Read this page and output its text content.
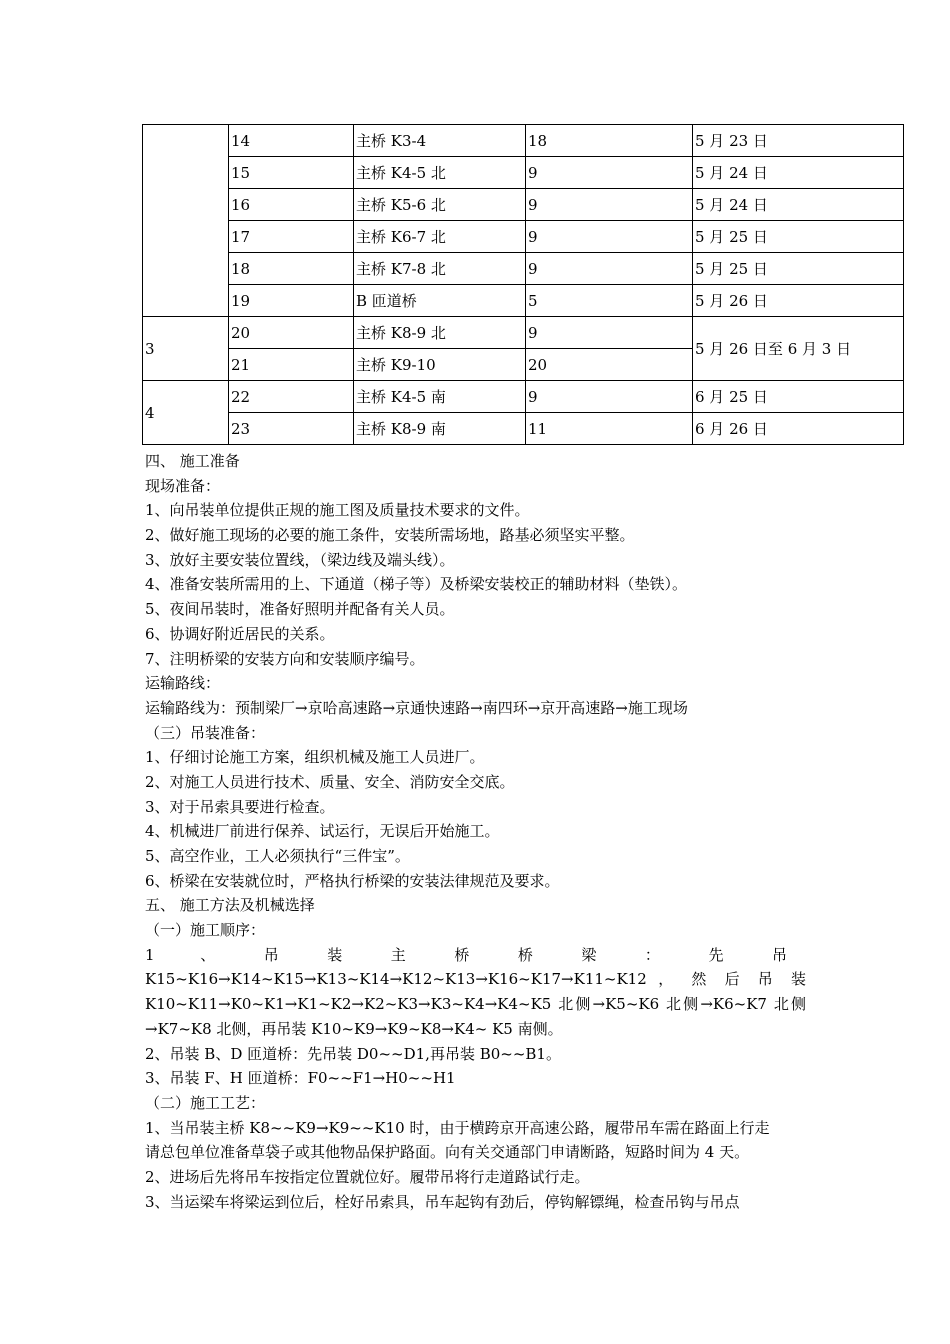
	14	主桥 K3-4	18	5 月 23 日
	15	主桥 K4-5 北	9	5 月 24 日
	16	主桥 K5-6 北	9	5 月 24 日
	17	主桥 K6-7 北	9	5 月 25 日
	18	主桥 K7-8 北	9	5 月 25 日
	19	B 匝道桥	5	5 月 26 日
3	20	主桥 K8-9 北	9	5 月 26 日至 6 月 3 日
	21	主桥 K9-10	20	
4	22	主桥 K4-5 南	9	6 月 25 日
	23	主桥 K8-9 南	11	6 月 26 日
四、 施工准备
现场准备：
1、向吊装单位提供正规的施工图及质量技术要求的文件。
2、做好施工现场的必要的施工条件，安装所需场地，路基必须坚实平整。
3、放好主要安装位置线，（梁边线及端头线）。
4、准备安装所需用的上、下通道（梯子等）及桥梁安装校正的辅助材料（垫铁）。
5、夜间吊装时，准备好照明并配备有关人员。
6、协调好附近居民的关系。
7、注明桥梁的安装方向和安装顺序编号。
运输路线：
运输路线为：预制梁厂→京哈高速路→京通快速路→南四环→京开高速路→施工现场
（三）吊装准备：
1、仔细讨论施工方案，组织机械及施工人员进厂。
2、对施工人员进行技术、质量、安全、消防安全交底。
3、对于吊索具要进行检查。
4、机械进厂前进行保养、试运行，无误后开始施工。
5、高空作业，工人必须执行“三件宝”。
6、桥梁在安装就位时，严格执行桥梁的安装法律规范及要求。
五、 施工方法及机械选择
（一）施工顺序：
1 、 吊 装 主 桥 桥 梁 ： 先 吊
K15~K16→K14~K15→K13~K14→K12~K13→K16~K17→K11~K12 ， 然 后 吊 装
K10~K11→K0~K1→K1~K2→K2~K3→K3~K4→K4~K5 北侧→K5~K6 北侧→K6~K7 北侧
→K7~K8 北侧，再吊装 K10~K9→K9~K8→K4~ K5 南侧。
2、吊装 B、D 匝道桥：先吊装 D0~~D1,再吊装 B0~~B1。
3、吊装 F、H 匝道桥：F0~~F1→H0~~H1
（二）施工工艺：
1、当吊装主桥 K8~~K9→K9~~K10 时，由于横跨京开高速公路，履带吊车需在路面上行走
请总包单位准备草袋子或其他物品保护路面。向有关交通部门申请断路，短路时间为 4 天。
2、进场后先将吊车按指定位置就位好。履带吊将行走道路试行走。
3、当运梁车将梁运到位后，栓好吊索具，吊车起钩有劲后，停钩解镖绳，检查吊钩与吊点
